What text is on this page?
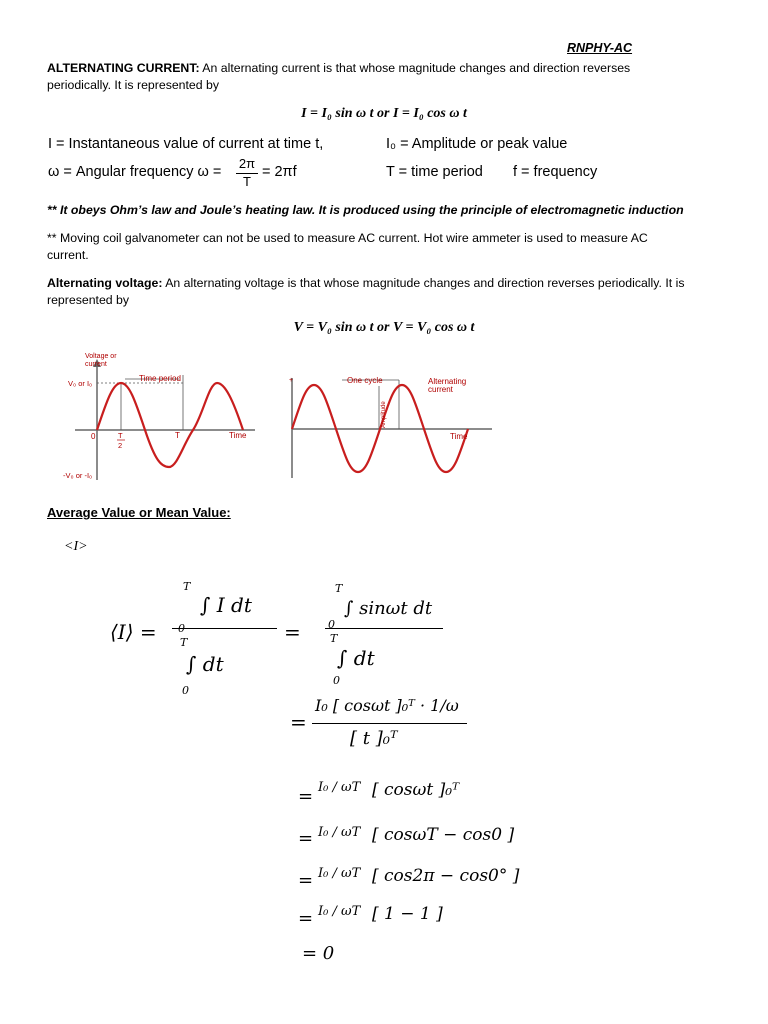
RNPHY-AC
ALTERNATING CURRENT: An alternating current is that whose magnitude changes and direction reverses
periodically. It is represented by
I = I₀ sin ω t or I = I₀ cos ω t
I = Instantaneous value of current at time t,	I₀ = Amplitude or peak value
ω = Angular frequency ω =
2π
T
= 2πf	T = time period f = frequency
** It obeys Ohm’s law and Joule’s heating law. It is produced using the principle of electromagnetic induction
** Moving coil galvanometer can not be used to measure AC current. Hot wire ammeter is used to measure AC
current.
Alternating voltage: An alternating voltage is that whose magnitude changes and direction reverses periodically. It is
represented by
V = V₀ sin ω t or V = V₀ cos ω t
Voltage or
current
V₀ or I₀
-V₀ or -I₀
Time period
0	T
2
T	Time
+	One cycle
Amplitude
Alternating
current
Time
Average Value or Mean Value:
<I>
⟨I⟩ =
T
∫ I dt
0
T
∫ dt
0
=
T
∫ sinωt dt
0
T
∫ dt
0
=
I₀ [ cosωt ]₀ᵀ · 1/ω
[ t ]₀ᵀ
= I₀ / ωT [ cosωt ]₀ᵀ
= I₀ / ωT [ cosωT − cos0 ]
= I₀ / ωT [ cos2π − cos0° ]
= I₀ / ωT [ 1 − 1 ]
= 0
